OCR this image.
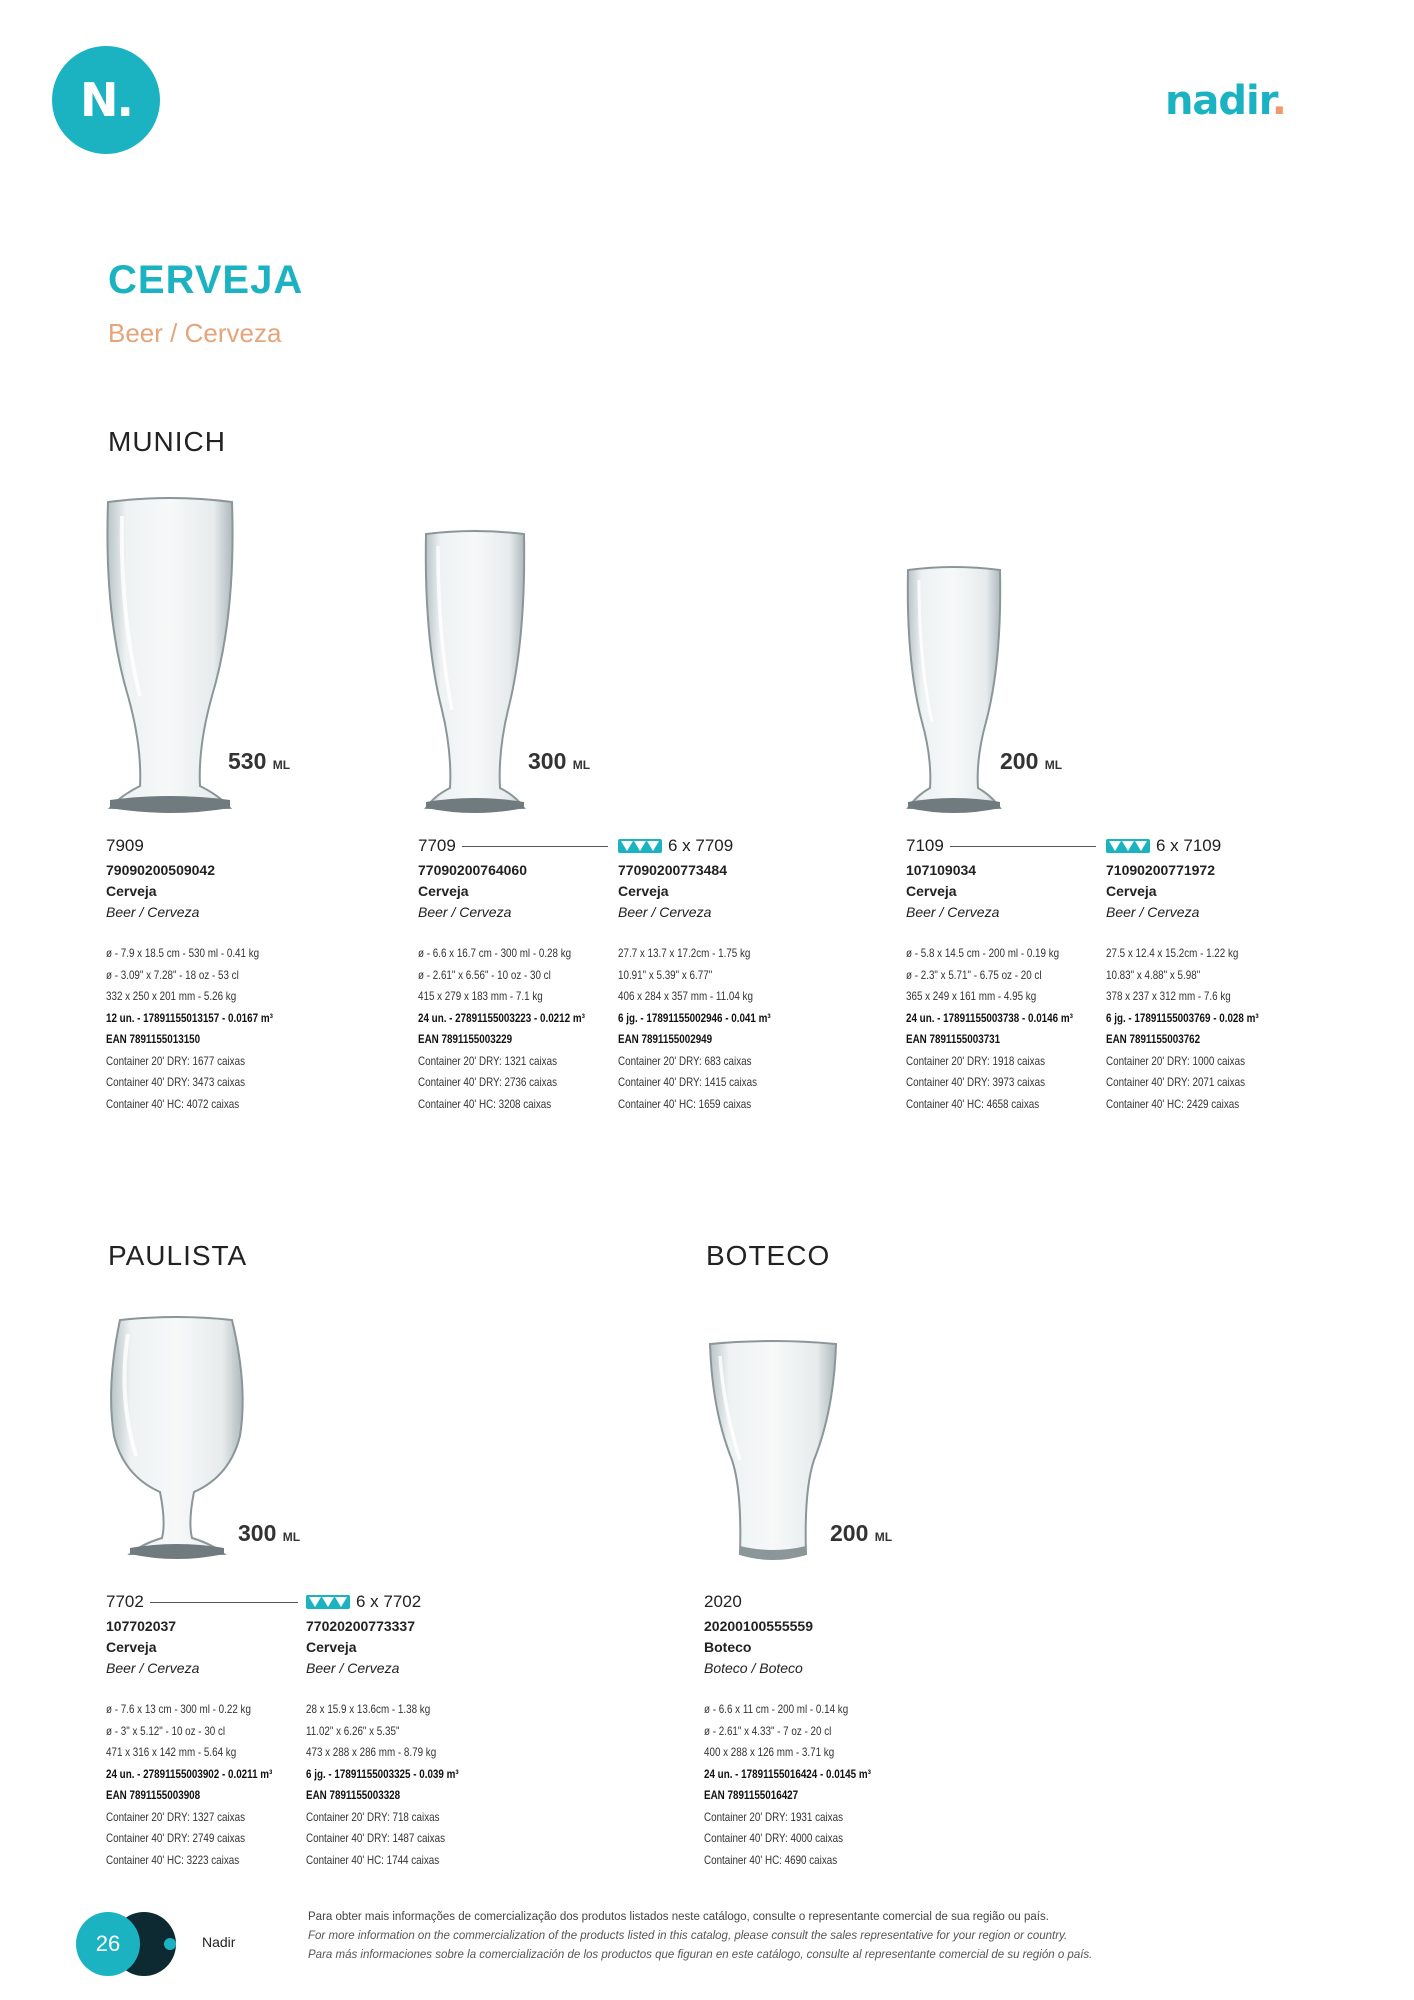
N.	nadir.
CERVEJA
Beer / Cerveza
MUNICH
530 ML	300 ML	200 ML
7909
79090200509042
Cerveja
Beer / Cerveza
ø - 7.9 x 18.5 cm - 530 ml - 0.41 kg
ø - 3.09" x 7.28" - 18 oz - 53 cl
332 x 250 x 201 mm - 5.26 kg
12 un. - 17891155013157 - 0.0167 m³
EAN 7891155013150
Container 20' DRY: 1677 caixas
Container 40' DRY: 3473 caixas
Container 40' HC: 4072 caixas
7709
77090200764060
Cerveja
Beer / Cerveza
ø - 6.6 x 16.7 cm - 300 ml - 0.28 kg
ø - 2.61" x 6.56" - 10 oz - 30 cl
415 x 279 x 183 mm - 7.1 kg
24 un. - 27891155003223 - 0.0212 m³
EAN 7891155003229
Container 20' DRY: 1321 caixas
Container 40' DRY: 2736 caixas
Container 40' HC: 3208 caixas
6 x 7709
77090200773484
Cerveja
Beer / Cerveza
27.7 x 13.7 x 17.2cm - 1.75 kg
10.91" x 5.39" x 6.77"
406 x 284 x 357 mm - 11.04 kg
6 jg. - 17891155002946 - 0.041 m³
EAN 7891155002949
Container 20' DRY: 683 caixas
Container 40' DRY: 1415 caixas
Container 40' HC: 1659 caixas
7109
107109034
Cerveja
Beer / Cerveza
ø - 5.8 x 14.5 cm - 200 ml - 0.19 kg
ø - 2.3" x 5.71" - 6.75 oz - 20 cl
365 x 249 x 161 mm - 4.95 kg
24 un. - 17891155003738 - 0.0146 m³
EAN 7891155003731
Container 20' DRY: 1918 caixas
Container 40' DRY: 3973 caixas
Container 40' HC: 4658 caixas
6 x 7109
71090200771972
Cerveja
Beer / Cerveza
27.5 x 12.4 x 15.2cm - 1.22 kg
10.83" x 4.88" x 5.98"
378 x 237 x 312 mm - 7.6 kg
6 jg. - 17891155003769 - 0.028 m³
EAN 7891155003762
Container 20' DRY: 1000 caixas
Container 40' DRY: 2071 caixas
Container 40' HC: 2429 caixas
PAULISTA
300 ML
7702
107702037
Cerveja
Beer / Cerveza
ø - 7.6 x 13 cm - 300 ml - 0.22 kg
ø - 3" x 5.12" - 10 oz - 30 cl
471 x 316 x 142 mm - 5.64 kg
24 un. - 27891155003902 - 0.0211 m³
EAN 7891155003908
Container 20' DRY: 1327 caixas
Container 40' DRY: 2749 caixas
Container 40' HC: 3223 caixas
6 x 7702
77020200773337
Cerveja
Beer / Cerveza
28 x 15.9 x 13.6cm - 1.38 kg
11.02" x 6.26" x 5.35"
473 x 288 x 286 mm - 8.79 kg
6 jg. - 17891155003325 - 0.039 m³
EAN 7891155003328
Container 20' DRY: 718 caixas
Container 40' DRY: 1487 caixas
Container 40' HC: 1744 caixas
BOTECO
200 ML
2020
20200100555559
Boteco
Boteco / Boteco
ø - 6.6 x 11 cm - 200 ml - 0.14 kg
ø - 2.61" x 4.33" - 7 oz - 20 cl
400 x 288 x 126 mm - 3.71 kg
24 un. - 17891155016424 - 0.0145 m³
EAN 7891155016427
Container 20' DRY: 1931 caixas
Container 40' DRY: 4000 caixas
Container 40' HC: 4690 caixas
26	Nadir
Para obter mais informações de comercialização dos produtos listados neste catálogo, consulte o representante comercial de sua região ou país.
For more information on the commercialization of the products listed in this catalog, please consult the sales representative for your region or country.
Para más informaciones sobre la comercialización de los productos que figuran en este catálogo, consulte al representante comercial de su región o país.
